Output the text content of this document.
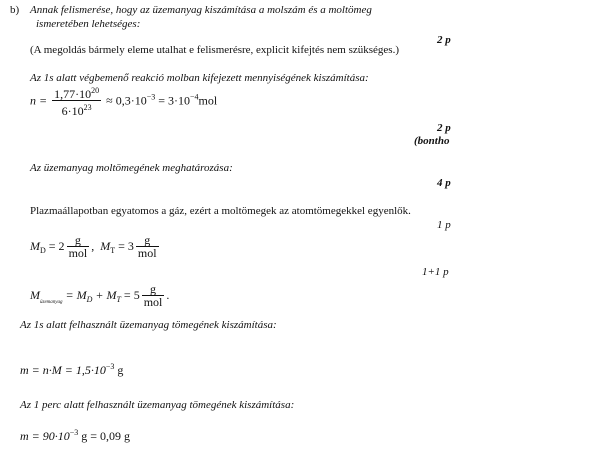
b) Annak felismerése, hogy az üzemanyag kiszámítása a molszám és a moltömeg
ismeretében lehetséges:
2 p
(A megoldás bármely eleme utalhat e felismerésre, explicit kifejtés nem szükséges.)
Az 1s alatt végbemenő reakció molban kifejezett mennyiségének kiszámítása:
$n = \frac{1,77\cdot 10^{20}}{6\cdot 10^{23}} \approx 0,3\cdot 10^{-3} = 3\cdot 10^{-4}mol$
2 p
(bontho
Az üzemanyag moltömegének meghatározása:
4 p
Plazmaállapotban egyatomos a gáz, ezért a moltömegek az atomtömegekkel egyenlők.
1 p
$M_D = 2 \frac{g}{\text{mol}}$ ,  $M_T = 3 \frac{g}{\text{mol}}$
1+1 p
$M_{üzemanyag} = M_D + M_T = 5 \frac{g}{\text{mol}}$ .
Az 1s alatt felhasznált üzemanyag tömegének kiszámítása:
$m = n\cdot M = 1,5\cdot 10^{-3}$ g
Az 1 perc alatt felhasznált üzemanyag tömegének kiszámítása:
$m = 90\cdot 10^{-3}$ g = 0,09 g
